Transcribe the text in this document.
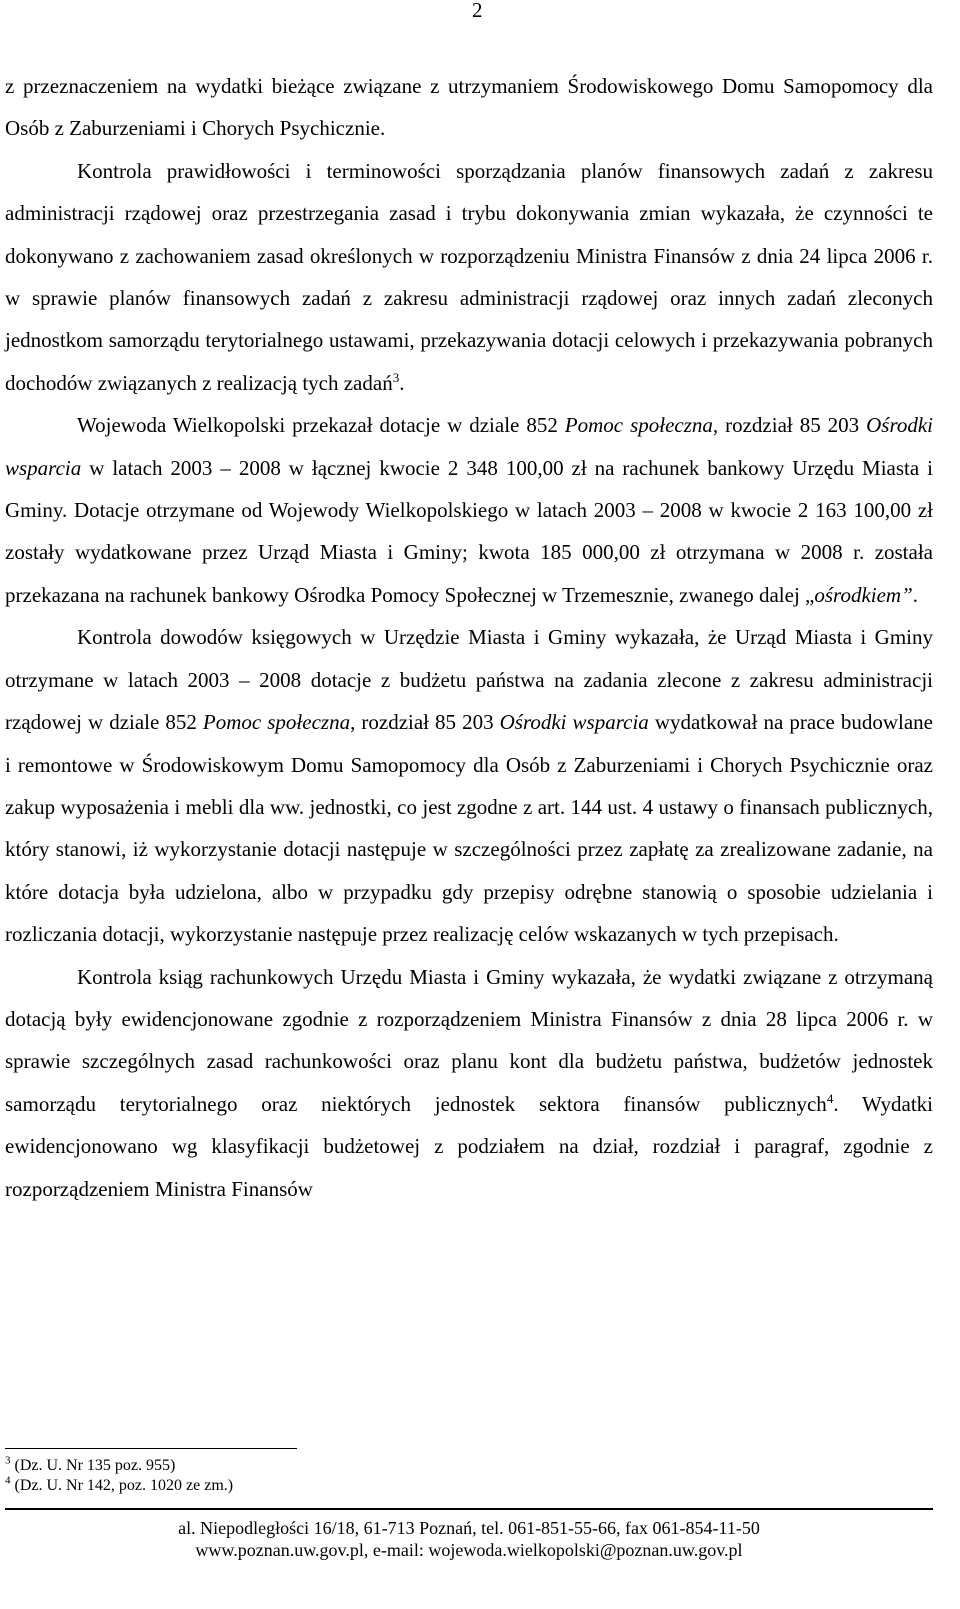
2

z przeznaczeniem na wydatki bieżące związane z utrzymaniem Środowiskowego Domu Samopomocy dla Osób z Zaburzeniami i Chorych Psychicznie.

Kontrola prawidłowości i terminowości sporządzania planów finansowych zadań z zakresu administracji rządowej oraz przestrzegania zasad i trybu dokonywania zmian wykazała, że czynności te dokonywano z zachowaniem zasad określonych w rozporządzeniu Ministra Finansów z dnia 24 lipca 2006 r. w sprawie planów finansowych zadań z zakresu administracji rządowej oraz innych zadań zleconych jednostkom samorządu terytorialnego ustawami, przekazywania dotacji celowych i przekazywania pobranych dochodów związanych z realizacją tych zadań$^3$.

Wojewoda Wielkopolski przekazał dotacje w dziale 852 Pomoc społeczna, rozdział 85 203 Ośrodki wsparcia w latach 2003 – 2008 w łącznej kwocie 2 348 100,00 zł na rachunek bankowy Urzędu Miasta i Gminy. Dotacje otrzymane od Wojewody Wielkopolskiego w latach 2003 – 2008 w kwocie 2 163 100,00 zł zostały wydatkowane przez Urząd Miasta i Gminy; kwota 185 000,00 zł otrzymana w 2008 r. została przekazana na rachunek bankowy Ośrodka Pomocy Społecznej w Trzemesznie, zwanego dalej „ośrodkiem”.

Kontrola dowodów księgowych w Urzędzie Miasta i Gminy wykazała, że Urząd Miasta i Gminy otrzymane w latach 2003 – 2008 dotacje z budżetu państwa na zadania zlecone z zakresu administracji rządowej w dziale 852 Pomoc społeczna, rozdział 85 203 Ośrodki wsparcia wydatkował na prace budowlane i remontowe w Środowiskowym Domu Samopomocy dla Osób z Zaburzeniami i Chorych Psychicznie oraz zakup wyposażenia i mebli dla ww. jednostki, co jest zgodne z art. 144 ust. 4 ustawy o finansach publicznych, który stanowi, iż wykorzystanie dotacji następuje w szczególności przez zapłatę za zrealizowane zadanie, na które dotacja była udzielona, albo w przypadku gdy przepisy odrębne stanowią o sposobie udzielania i rozliczania dotacji, wykorzystanie następuje przez realizację celów wskazanych w tych przepisach.

Kontrola ksiąg rachunkowych Urzędu Miasta i Gminy wykazała, że wydatki związane z otrzymaną dotacją były ewidencjonowane zgodnie z rozporządzeniem Ministra Finansów z dnia 28 lipca 2006 r. w sprawie szczególnych zasad rachunkowości oraz planu kont dla budżetu państwa, budżetów jednostek samorządu terytorialnego oraz niektórych jednostek sektora finansów publicznych$^4$. Wydatki ewidencjonowano wg klasyfikacji budżetowej z podziałem na dział, rozdział i paragraf, zgodnie z rozporządzeniem Ministra Finansów

$^3$ (Dz. U. Nr 135 poz. 955)
$^4$ (Dz. U. Nr 142, poz. 1020 ze zm.)
al. Niepodległości 16/18, 61-713 Poznań, tel. 061-851-55-66, fax 061-854-11-50
www.poznan.uw.gov.pl, e-mail: wojewoda.wielkopolski@poznan.uw.gov.pl
